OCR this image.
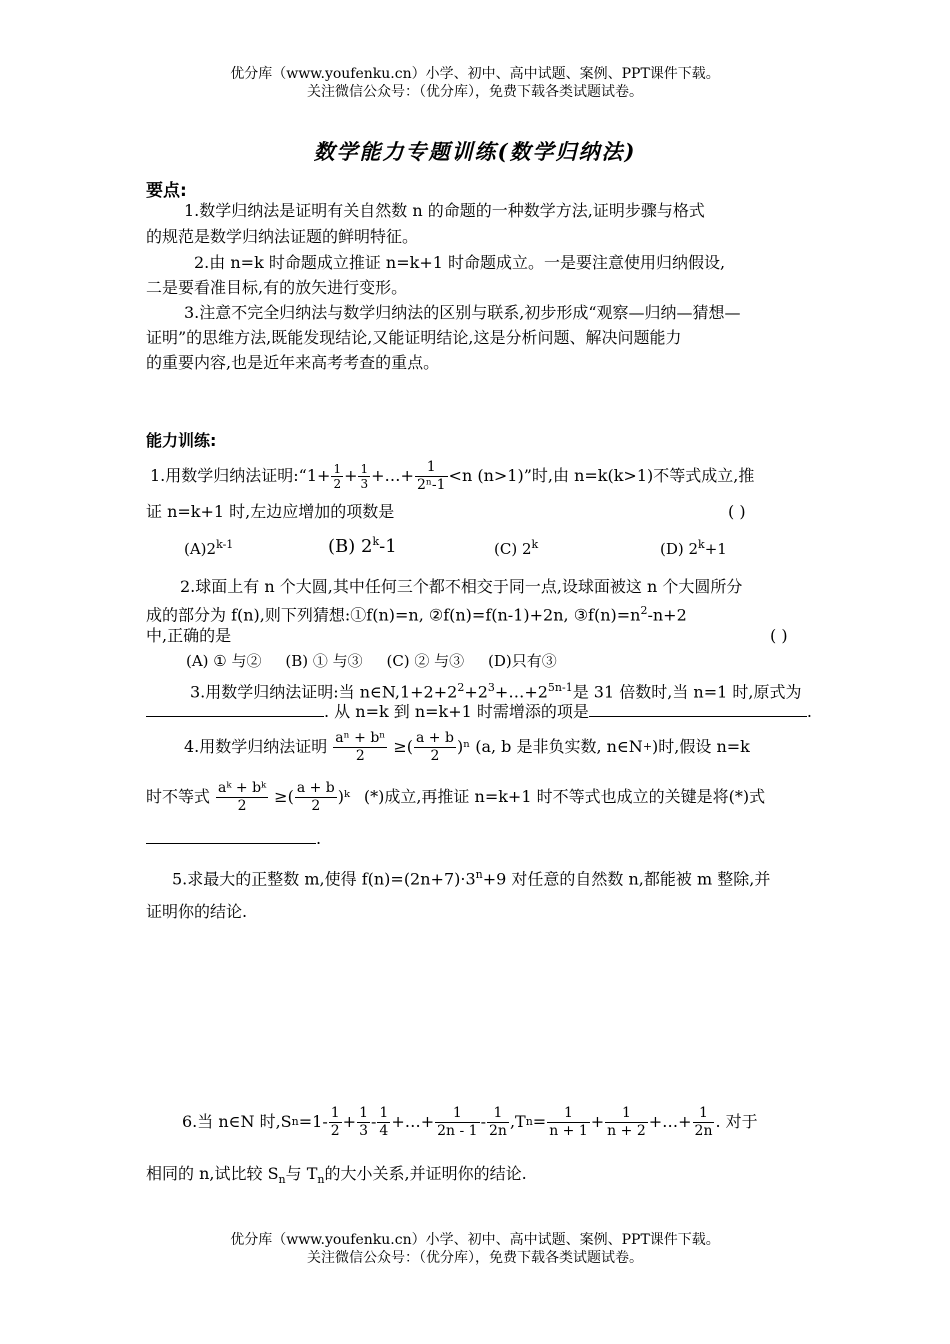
优分库（www.youfenku.cn）小学、初中、高中试题、案例、PPT课件下载。
关注微信公众号：（优分库），免费下载各类试题试卷。
数学能力专题训练(数学归纳法)
要点:
1.数学归纳法是证明有关自然数 n 的命题的一种数学方法,证明步骤与格式
的规范是数学归纳法证题的鲜明特征。
2.由 n=k 时命题成立推证 n=k+1 时命题成立。一是要注意使用归纳假设,
二是要看准目标,有的放矢进行变形。
3.注意不完全归纳法与数学归纳法的区别与联系,初步形成“观察—归纳—猜想—
证明”的思维方法,既能发现结论,又能证明结论,这是分析问题、解决问题能力
的重要内容,也是近年来高考考查的重点。
能力训练:
1.用数学归纳法证明:“1+ $\frac{1}{2} + \frac{1}{3}$ +…+ $\frac{1}{\text{2ⁿ-1}} <n$ (n>1)”时,由 n=k(k>1)不等式成立,推
证 n=k+1 时,左边应增加的项数是	( )
(A)2$^{k-1}$	(B) 2$^k$-1	(C) 2$^k$	(D) $2^k+1$
2.球面上有 n 个大圆,其中任何三个都不相交于同一点,设球面被这 n 个大圆所分
成的部分为 f(n),则下列猜想:①f(n)=n, ②f(n)=f(n-1)+2n, $③f(n)=n^2-n+2$
中,正确的是	( )
(A) ① 与②     (B) ① 与③     (C) ② 与③     (D)只有③
3.用数学归纳法证明:当 $n\in N,1+2+2^2+2^3+\dots+2^{5n-1}$是 31 倍数时,当 n=1 时,原式为
. 从 n=k 到 n=k+1 时需增添的项是	.
4.用数学归纳法证明 $\frac{\text{aⁿ + bⁿ}}{2}$ ≥( $\frac{a + b}{2} )^n$ (a, b 是非负实数, n∈N + )时,假设 n=k
时不等式 $\frac{\text{aᵏ + bᵏ}}{2}$ ≥( $\frac{a + b}{2}$ )ᵏ (*)成立,再推证 n=k+1 时不等式也成立的关键是将(*)式
.
5.求最大的正整数 m,使得 $f(n)=(2n+7)\cdot 3^n+9$ 对任意的自然数 n,都能被 m 整除,并
证明你的结论.
6.当 n∈N 时,S $n =1- \frac{1}{2} + \frac{1}{3} - \frac{1}{4}$ +…+ $\frac{1}{2n - 1} - \frac{1}{2n} ,T$ $n = \frac{1}{n + 1} + \frac{1}{n + 2}$ +…+ $\frac{1}{2n}$ . 对于
相同的 n,试比较 $S_n$与 $T_n$的大小关系,并证明你的结论.
优分库（www.youfenku.cn）小学、初中、高中试题、案例、PPT课件下载。
关注微信公众号：（优分库），免费下载各类试题试卷。
